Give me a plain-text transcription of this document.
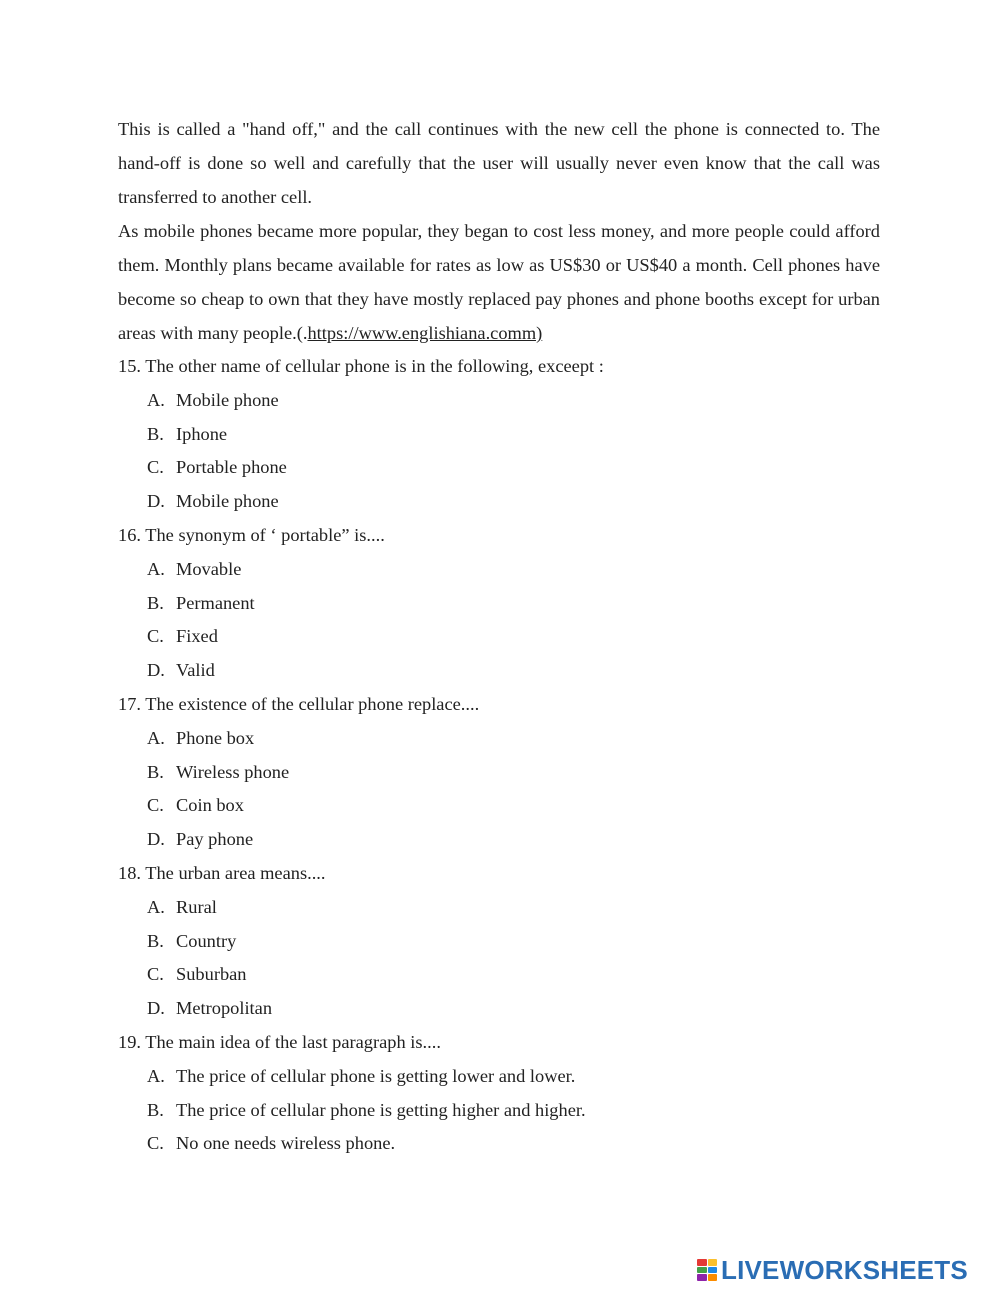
This is called a "hand off," and the call continues with the new cell the phone is connected to. The hand-off is done so well and carefully that the user will usually never even know that the call was transferred to another cell.

As mobile phones became more popular, they began to cost less money, and more people could afford them. Monthly plans became available for rates as low as US$30 or US$40 a month. Cell phones have become so cheap to own that they have mostly replaced pay phones and phone booths except for urban areas with many people.(.https://www.englishiana.comm)

15. The other name of cellular phone is in the following, exceept :
A. Mobile phone
B. Iphone
C. Portable phone
D. Mobile phone
16. The synonym of ‘ portable” is....
A. Movable
B. Permanent
C. Fixed
D. Valid
17. The existence of the cellular phone replace....
A. Phone box
B. Wireless phone
C. Coin box
D. Pay phone
18. The urban area means....
A. Rural
B. Country
C. Suburban
D. Metropolitan
19. The main idea of the last paragraph is....
A. The price of cellular phone is getting lower and lower.
B. The price of cellular phone is getting higher and higher.
C. No one needs wireless phone.
LIVEWORKSHEETS
